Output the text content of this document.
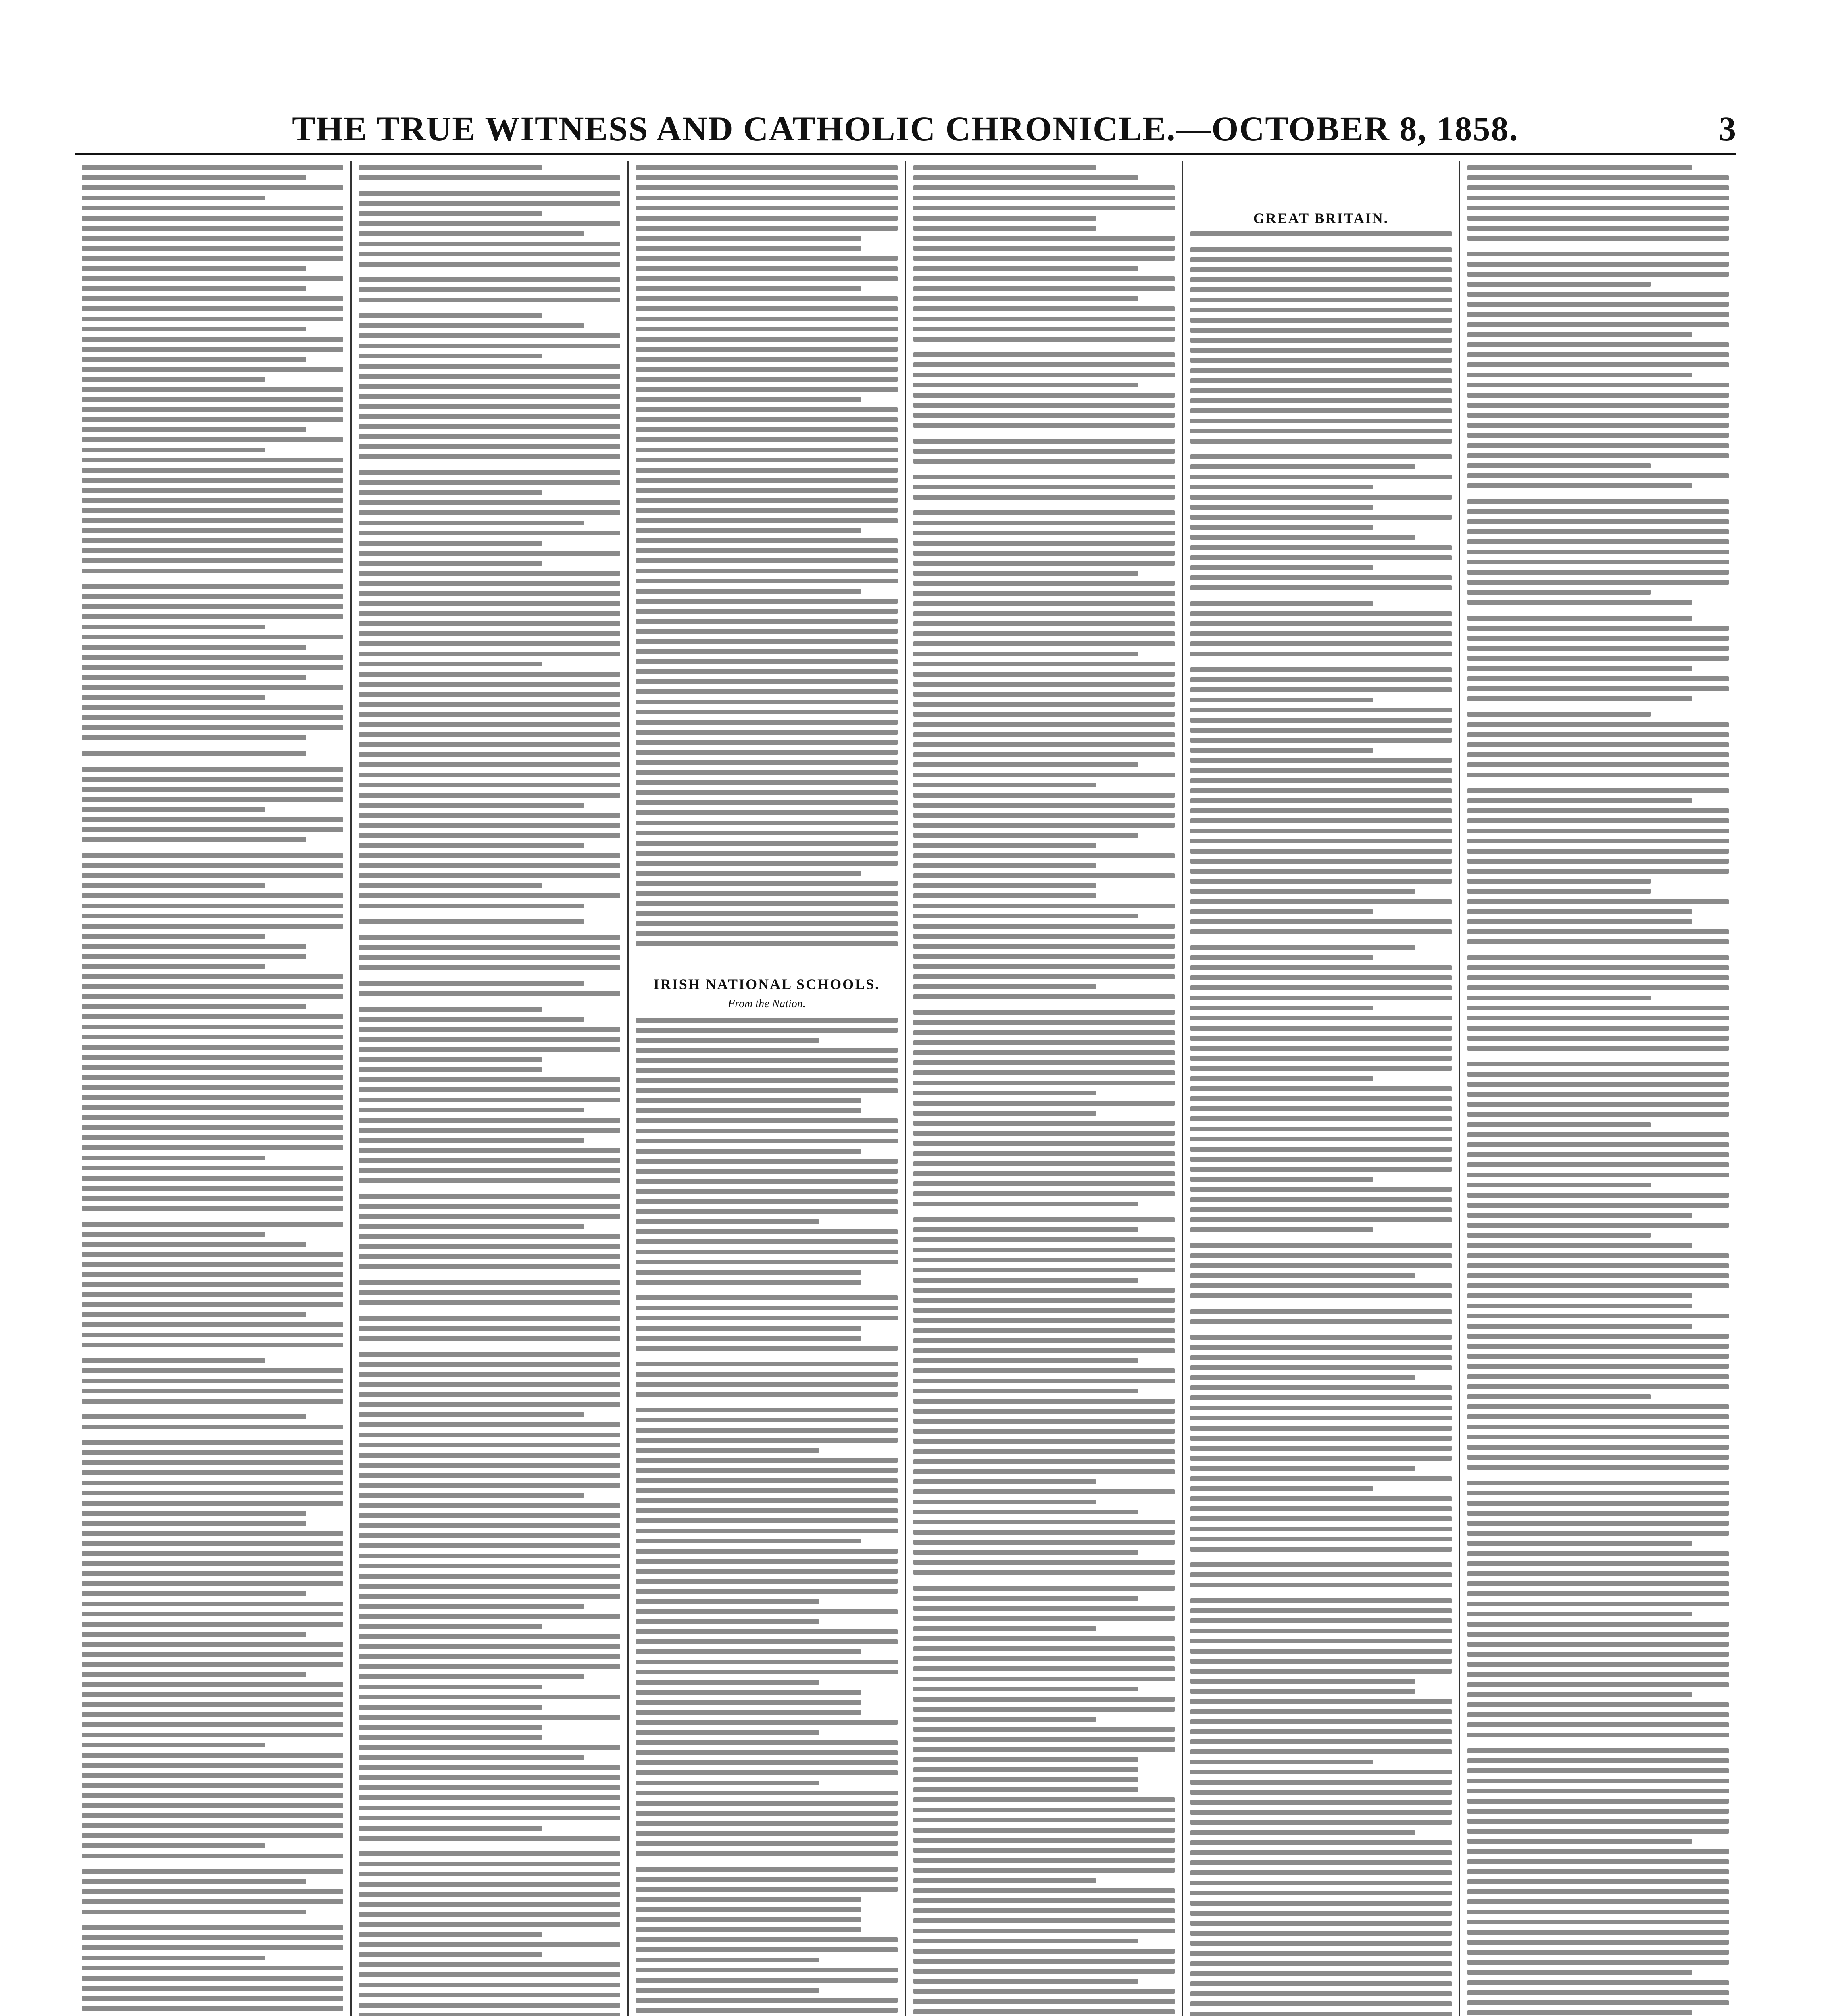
THE TRUE WITNESS AND CATHOLIC CHRONICLE.—OCTOBER 8, 1858.	3
IRISH NATIONAL SCHOOLS.
From the Nation.
GREAT BRITAIN.
